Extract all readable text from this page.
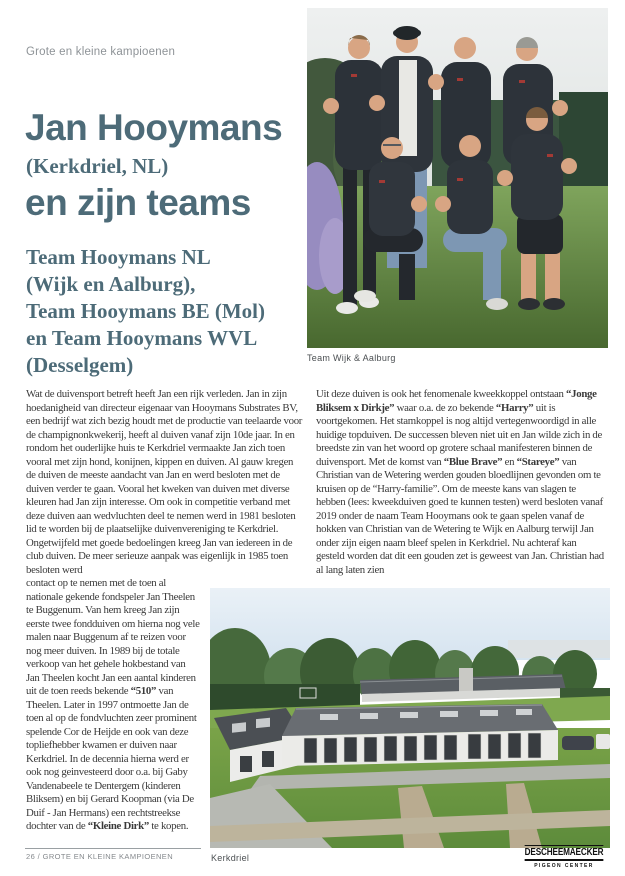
Grote en kleine kampioenen
Jan Hooymans
(Kerkdriel, NL)
en zijn teams
Team Hooymans NL
(Wijk en Aalburg),
Team Hooymans BE (Mol)
en Team Hooymans WVL
(Desselgem)	Team Wijk & Aalburg

Wat de duivensport betreft heeft Jan een rijk verleden. Jan in zijn hoedanigheid van directeur eigenaar van Hooymans Substrates BV, een bedrijf wat zich bezig houdt met de productie van teelaarde voor de champignonkwekerij, heeft al duiven vanaf zijn 10de jaar. In en rondom het ouderlijke huis te Kerkdriel vermaakte Jan zich toen vooral met zijn hond, konijnen, kippen en duiven. Al gauw kregen de duiven de meeste aandacht van Jan en werd besloten met de duiven verder te gaan. Vooral het kweken van duiven met diverse kleuren had Jan zijn interesse. Om ook in competitie verband met deze duiven aan wedvluchten deel te nemen werd in 1981 besloten lid te worden bij de plaatselijke duivenvereniging te Kerkdriel. Ongetwijfeld met goede bedoelingen kreeg Jan van iedereen in de club duiven. De meer serieuze aanpak was eigenlijk in 1985 toen besloten werd

contact op te nemen met de toen al nationale gekende fondspeler Jan Theelen te Buggenum. Van hem kreeg Jan zijn eerste twee fondduiven om hierna nog vele malen naar Buggenum af te reizen voor nog meer duiven. In 1989 bij de totale verkoop van het gehele hokbestand van Jan Theelen kocht Jan een aantal kinderen uit de toen reeds bekende “510” van Theelen. Later in 1997 ontmoette Jan de toen al op de fondvluchten zeer prominent spelende Cor de Heijde en ook van deze topliefhebber kwamen er duiven naar Kerkdriel. In de decennia hierna werd er ook nog geinvesteerd door o.a. bij Gaby Vandenabeele te Dentergem (kinderen Bliksem) en bij Gerard Koopman (via De Duif - Jan Hermans) een rechtstreekse dochter van de “Kleine Dirk” te kopen.

Uit deze duiven is ook het fenomenale kweekkoppel ontstaan “Jonge Bliksem x Dirkje” waar o.a. de zo bekende “Harry” uit is voortgekomen. Het stamkoppel is nog altijd vertegenwoordigd in alle huidige topduiven. De successen bleven niet uit en Jan wilde zich in de breedste zin van het woord op grotere schaal manifesteren binnen de duivensport. Met de komst van “Blue Brave” en “Stareye” van Christian van de Wetering werden gouden bloedlijnen gevonden om te kruisen op de “Harry-familie”. Om de meeste kans van slagen te hebben (lees: kweekduiven goed te kunnen testen) werd besloten vanaf 2019 onder de naam Team Hooymans ook te gaan spelen vanaf de hokken van Christian van de Wetering te Wijk en Aalburg terwijl Jan onder zijn eigen naam bleef spelen in Kerkdriel. Nu achteraf kan gesteld worden dat dit een gouden zet is geweest van Jan. Christian had al lang laten zien

Kerkdriel
26 / GROTE EN KLEINE KAMPIOENEN	DESCHEEMAECKER
PIGEON CENTER
